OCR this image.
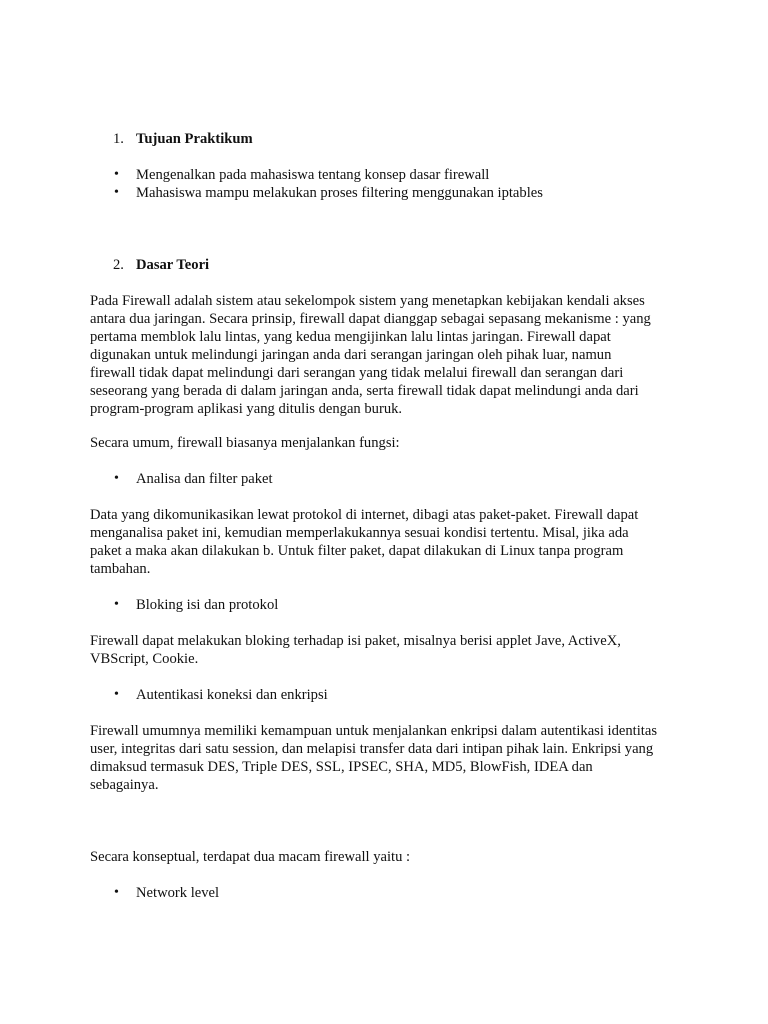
1. Tujuan Praktikum
• Mengenalkan pada mahasiswa tentang konsep dasar firewall
• Mahasiswa mampu melakukan proses filtering menggunakan iptables
2. Dasar Teori
Pada Firewall adalah sistem atau sekelompok sistem yang menetapkan kebijakan kendali akses
antara dua jaringan. Secara prinsip, firewall dapat dianggap sebagai sepasang mekanisme : yang
pertama memblok lalu lintas, yang kedua mengijinkan lalu lintas jaringan. Firewall dapat
digunakan untuk melindungi jaringan anda dari serangan jaringan oleh pihak luar, namun
firewall tidak dapat melindungi dari serangan yang tidak melalui firewall dan serangan dari
seseorang yang berada di dalam jaringan anda, serta firewall tidak dapat melindungi anda dari
program-program aplikasi yang ditulis dengan buruk.
Secara umum, firewall biasanya menjalankan fungsi:
• Analisa dan filter paket
Data yang dikomunikasikan lewat protokol di internet, dibagi atas paket-paket. Firewall dapat
menganalisa paket ini, kemudian memperlakukannya sesuai kondisi tertentu. Misal, jika ada
paket a maka akan dilakukan b. Untuk filter paket, dapat dilakukan di Linux tanpa program
tambahan.
• Bloking isi dan protokol
Firewall dapat melakukan bloking terhadap isi paket, misalnya berisi applet Jave, ActiveX,
VBScript, Cookie.
• Autentikasi koneksi dan enkripsi
Firewall umumnya memiliki kemampuan untuk menjalankan enkripsi dalam autentikasi identitas
user, integritas dari satu session, dan melapisi transfer data dari intipan pihak lain. Enkripsi yang
dimaksud termasuk DES, Triple DES, SSL, IPSEC, SHA, MD5, BlowFish, IDEA dan
sebagainya.
Secara konseptual, terdapat dua macam firewall yaitu :
• Network level
